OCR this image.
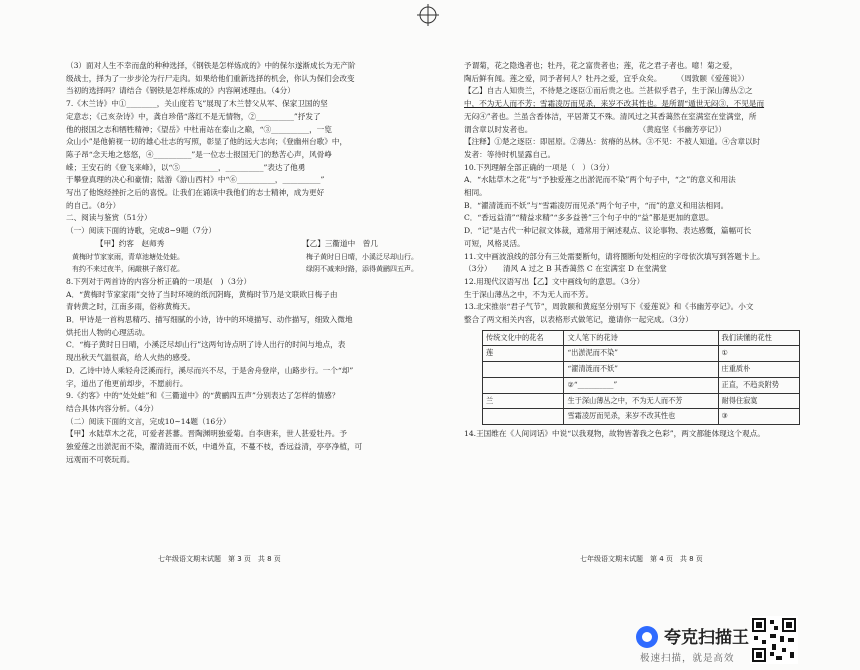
（3）面对人生不幸而盘的种种选择，《钢铁是怎样炼成的》中的保尔遂渐成长为无产阶
级战士，择为了一步步沦为行尸走肉。如果给他们重新选择的机会，你认为保们会改变
当初的选择吗？请结合《钢铁是怎样炼成的》内容阐述理由。（4分）
7.《木兰诗》中①________，关山度若飞”展现了木兰替父从军、保家卫国的坚
定意志；《己亥杂诗》中，龚自珍借“落红不是无情物，②__________”抒发了
他的报国之志和牺牲精神；《望岳》中杜甫站在泰山之巅，“③__________，一览
众山小”是他俯视一切的雄心壮志的写照，彰显了他的远大志向；《登幽州台歌》中，
陈子昂“念天地之悠悠，④__________”是一位志士报国无门的愁苦心声，风骨峥
嵘；王安石的《登飞来峰》，以“⑤__________，__________”表达了他勇
于攀登真理的决心和豪情；陆游《游山西村》中“⑥__________，__________”
写出了他饱经挫折之后的喜悦。让我们在诵读中我他们的志士精神，成为更好
的自己。（8分）
二、阅读与鉴赏（51分）
（一）阅读下面的诗歌，完成8~9题（7分）
【甲】约客　赵师秀	【乙】三衢道中　曾几
黄梅时节家家雨，青草池塘处处蛙。	梅子黄时日日晴，小溪泛尽却山行。
有约不来过夜半，闲敲棋子落灯花。	绿阴不减来时路，添得黄鹂四五声。
8.下列对于两首诗的内容分析正确的一项是(　)（3分）
A．“黄梅时节家家雨”交待了当时环境的纸沉阴晦，黄梅时节乃是文联欧日梅子由
青转黄之时，江南多雨，俗称黄梅天。
B．甲诗是一首构思精巧、描写细腻的小诗，诗中的环境描写、动作描写，细致入微地
烘托出人物的心理活动。
C．“梅子黄时日日晴，小溪泛尽却山行”这两句诗点明了诗人出行的时间与地点，表
现出秋天气温很高，给人火热的感受。
D．乙诗中诗人乘轻舟泛溪而行，溪尽而兴不尽，于是舍舟登岸，山路步行。一个“却”
字，道出了他更前却步，不愿前行。
9.《约客》中的“处处蛙”和《三衢道中》的“黄鹂四五声”分别表达了怎样的情感？
结合具体内容分析。（4分）
（二）阅读下面的文言，完成10~14题（16分）
【甲】水陆草木之花，可爱者甚蕃。晋陶渊明独爱菊。自李唐来，世人甚爱牡丹。予
独爱莲之出淤泥而不染，濯清涟而不妖，中通外直，不蔓不枝，香远益清，亭亭净植，可
远观而不可亵玩焉。
七年级语文期末试题　第 3 页　共 8 页
予谓菊，花之隐逸者也；牡丹，花之富贵者也；莲，花之君子者也。噫！菊之爱，
陶后鲜有闻。莲之爱，同予者何人？牡丹之爱，宜乎众矣。　　　（周敦颐《爱莲说》）
【乙】自古人知贵兰，不待楚之逐臣①而后贵之也。兰甚似乎君子，生于深山薄丛②之
中，不为无人而不芳；雪霜凌厉而见杀，来岁不改其性也。是所谓“遁世无闷③，不见是而
无闷④”者也。兰虽含香体洁，平居萧艾不殊。清风过之其香蔼然在室满室在堂满堂，所
谓含章以时发者也。　　　　　　　　　　　　　　　（黄庭坚《书幽芳亭记》）
【注释】①楚之逐臣：即屈原。②薄丛：贫瘠的丛林。③不见：不被人知道。④含章以时
发者：等待时机显露自己。
10.下列理解全部正确的一项是（　）（3分）
A．“水陆草木之花”与“予独爱莲之出淤泥而不染”两个句子中，“之”的意义和用法
相同。
B．“濯清涟而不妖”与“雪霜凌厉而见杀”两个句子中，“而”的意义和用法相同。
C．“香远益清”“精益求精”“多多益善”三个句子中的“益”都是更加的意思。
D．“记”是古代一种记叙文体裁，通常用于阐述观点、议论事物、表达感慨，篇幅可长
可短，风格灵活。
11.文中画波浪线的部分有三处需要断句，请将圈断句处相应的字母依次填写到答题卡上。
（3分）　　清风 A 过之 B 其香蔼然 C 在室满室 D 在堂满堂
12.用现代汉语写出【乙】文中画线句的意思。（3分）
生于深山薄丛之中，不为无人而不芳。
13.北宋推崇“君子气节”，周敦颐和黄庭坚分别写下《爱莲说》和《书幽芳亭记》。小文
整合了两文相关内容，以表格形式做笔记，邀请你一起完成。（3分）
传统文化中的花名	文人笔下的花诗	我们读懂的花性
莲	“出淤泥而不染”	①
	“濯清涟而不妖”	庄重质朴
	②“__________”	正直，不趋炎附势
兰	生于深山薄丛之中，不为无人而不芳	耐得住寂寞
	雪霜凌厉而见杀，来岁不改其性也	③
14.王国维在《人间词话》中说“以我观物，故物皆著我之色彩”，两文都能体现这个观点。
七年级语文期末试题　第 4 页　共 8 页
夸克扫描王
极速扫描，就是高效
